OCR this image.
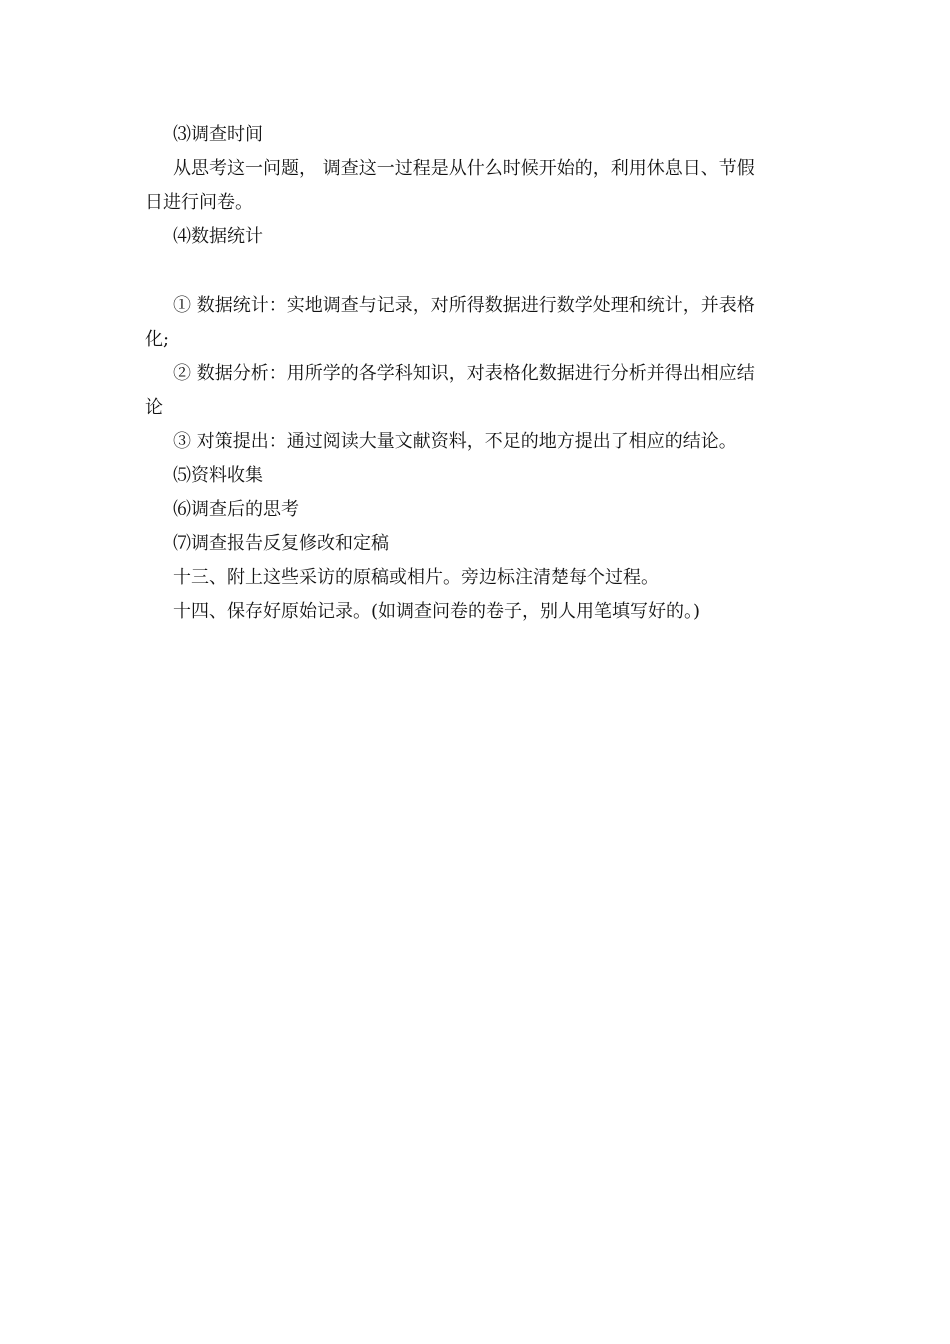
⑶调查时间
从思考这一问题， 调查这一过程是从什么时候开始的，利用休息日、节假
日进行问卷。
⑷数据统计
① 数据统计：实地调查与记录，对所得数据进行数学处理和统计，并表格
化;
② 数据分析：用所学的各学科知识，对表格化数据进行分析并得出相应结
论
③ 对策提出：通过阅读大量文献资料，不足的地方提出了相应的结论。
⑸资料收集
⑹调查后的思考
⑺调查报告反复修改和定稿
十三、附上这些采访的原稿或相片。旁边标注清楚每个过程。
十四、保存好原始记录。(如调查问卷的卷子，别人用笔填写好的。)
